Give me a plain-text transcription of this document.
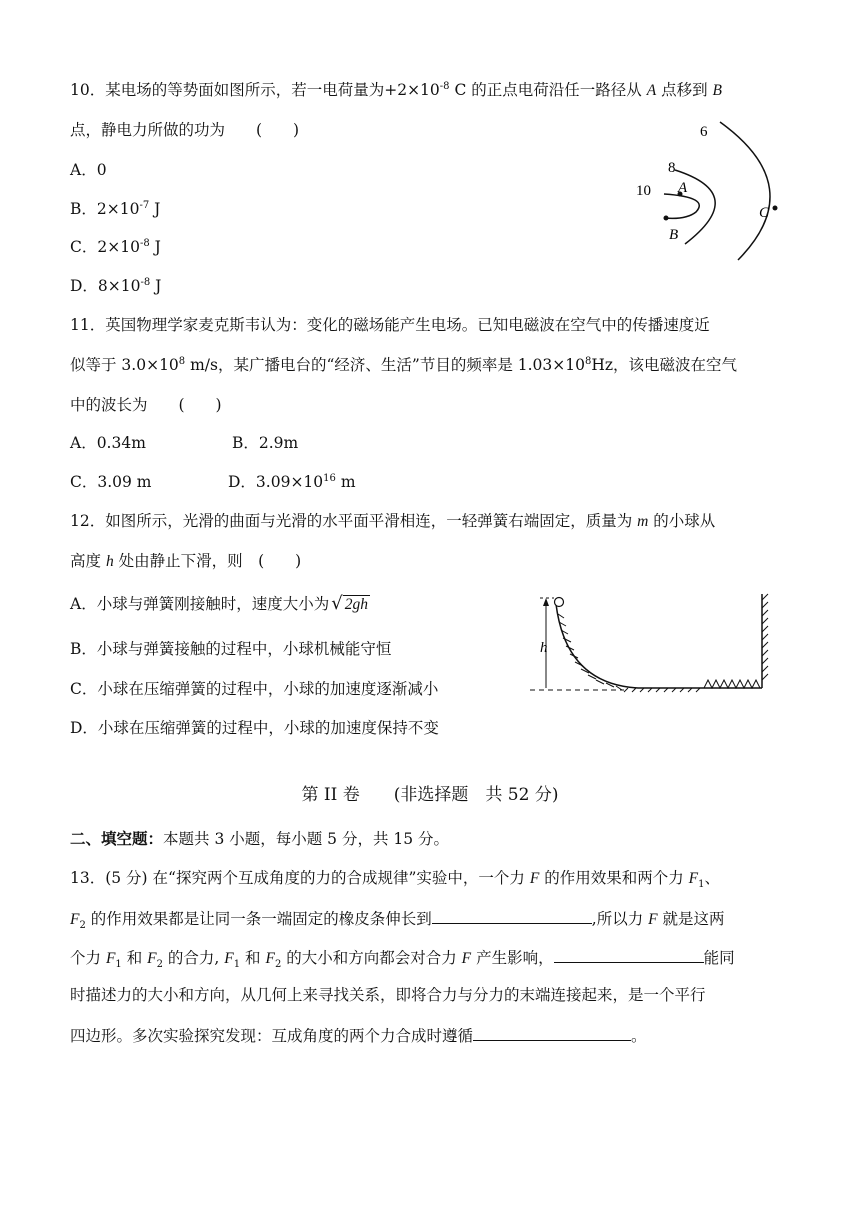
10．某电场的等势面如图所示，若一电荷量为$+2\times 10^{-8}$ C 的正点电荷沿任一路径从 A 点移到 B
点，静电力所做的功为　　(　　)
A．0
B．$2\times 10^{-7}$ J
C．$2\times 10^{-8}$ J
D．$8\times 10^{-8}$ J
6
8
10 A
B
C
11．英国物理学家麦克斯韦认为：变化的磁场能产生电场。已知电磁波在空气中的传播速度近
似等于 $3.0\times 10^8$ m/s，某广播电台的“经济、生活”节目的频率是 $1.03\times 10^8Hz$，该电磁波在空气
中的波长为　　(　　)
A．0.34m	B．2.9m
C．3.09 m	D．$3.09\times 10^{16}$ m
12．如图所示，光滑的曲面与光滑的水平面平滑相连，一轻弹簧右端固定，质量为 m 的小球从
高度 h 处由静止下滑，则　(　　)
A．小球与弹簧刚接触时，速度大小为 √ 2gh
B．小球与弹簧接触的过程中，小球机械能守恒
C．小球在压缩弹簧的过程中，小球的加速度逐渐减小
D．小球在压缩弹簧的过程中，小球的加速度保持不变
h
第 II 卷　　(非选择题　共 52 分)
二、填空题：本题共 3 小题，每小题 5 分，共 15 分。
13．(5 分) 在“探究两个互成角度的力的合成规律”实验中，一个力 F 的作用效果和两个力 $F_1$、
$F_2$ 的作用效果都是让同一条一端固定的橡皮条伸长到	,所以力 F 就是这两
个力 $F_1$ 和 $F_2$ 的合力, $F_1$ 和 $F_2$ 的大小和方向都会对合力 F 产生影响，	能同
时描述力的大小和方向，从几何上来寻找关系，即将合力与分力的末端连接起来，是一个平行
四边形。多次实验探究发现：互成角度的两个力合成时遵循	。
